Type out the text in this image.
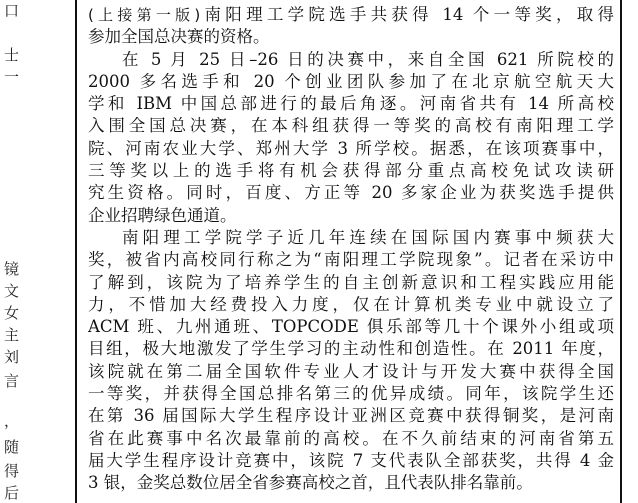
口
士
一
镜
文
女
主
刘
言
，
随
得
后
(上接第一版)南阳理工学院选手共获得 14 个一等奖，取得
参加全国总决赛的资格。
在 5 月 25 日–26 日的决赛中，来自全国 621 所院校的
2000 多名选手和 20 个创业团队参加了在北京航空航天大
学和 IBM 中国总部进行的最后角逐。河南省共有 14 所高校
入围全国总决赛，在本科组获得一等奖的高校有南阳理工学
院、河南农业大学、郑州大学 3 所学校。据悉，在该项赛事中，
三等奖以上的选手将有机会获得部分重点高校免试攻读研
究生资格。同时，百度、方正等 20 多家企业为获奖选手提供
企业招聘绿色通道。
南阳理工学院学子近几年连续在国际国内赛事中频获大
奖，被省内高校同行称之为“南阳理工学院现象”。记者在采访中
了解到，该院为了培养学生的自主创新意识和工程实践应用能
力，不惜加大经费投入力度，仅在计算机类专业中就设立了
ACM 班、九州通班、TOPCODE 俱乐部等几十个课外小组或项
目组，极大地激发了学生学习的主动性和创造性。在 2011 年度，
该院就在第二届全国软件专业人才设计与开发大赛中获得全国
一等奖，并获得全国总排名第三的优异成绩。同年，该院学生还
在第 36 届国际大学生程序设计亚洲区竞赛中获得铜奖，是河南
省在此赛事中名次最靠前的高校。在不久前结束的河南省第五
届大学生程序设计竞赛中，该院 7 支代表队全部获奖，共得 4 金
3 银，金奖总数位居全省参赛高校之首，且代表队排名靠前。
